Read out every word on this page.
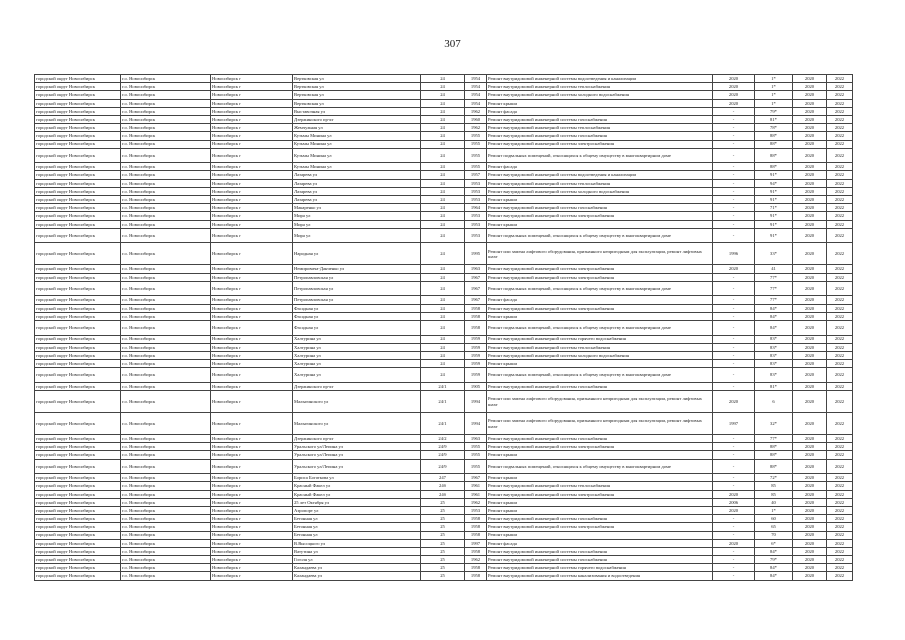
307
городской округ Новосибирск	г.о. Новосибирск	Новосибирск г	Вертковская ул	24	1954	Ремонт внутридомовой инженерной системы водоотведения и канализации	2020	1*	2020	2022
городской округ Новосибирск	г.о. Новосибирск	Новосибирск г	Вертковская ул	24	1954	Ремонт внутридомовой инженерной системы теплоснабжения	2020	1*	2020	2022
городской округ Новосибирск	г.о. Новосибирск	Новосибирск г	Вертковская ул	24	1954	Ремонт внутридомовой инженерной системы холодного водоснабжения	2020	1*	2020	2022
городской округ Новосибирск	г.о. Новосибирск	Новосибирск г	Вертковская ул	24	1954	Ремонт крыши	2020	1*	2020	2022
городской округ Новосибирск	г.о. Новосибирск	Новосибирск г	Выставочная ул	24	1962	Ремонт фасада	-	79*	2020	2022
городской округ Новосибирск	г.о. Новосибирск	Новосибирск г	Дзержинского пр-кт	24	1960	Ремонт внутридомовой инженерной системы газоснабжения	-	81*	2020	2022
городской округ Новосибирск	г.о. Новосибирск	Новосибирск г	Жемчужная ул	24	1962	Ремонт внутридомовой инженерной системы теплоснабжения	-	78*	2020	2022
городской округ Новосибирск	г.о. Новосибирск	Новосибирск г	Кузьмы Минина ул	24	1955	Ремонт внутридомовой инженерной системы газоснабжения	-	88*	2020	2022
городской округ Новосибирск	г.о. Новосибирск	Новосибирск г	Кузьмы Минина ул	24	1955	Ремонт внутридомовой инженерной системы электроснабжения	-	88*	2020	2022
городской округ Новосибирск	г.о. Новосибирск	Новосибирск г	Кузьмы Минина ул	24	1955	Ремонт подвальных помещений, относящихся к общему имуществу в многоквартирном доме	-	88*	2020	2022
городской округ Новосибирск	г.о. Новосибирск	Новосибирск г	Кузьмы Минина ул	24	1955	Ремонт фасада	-	88*	2020	2022
городской округ Новосибирск	г.о. Новосибирск	Новосибирск г	Лазарева ул	24	1957	Ремонт внутридомовой инженерной системы водоотведения и канализации	-	91*	2020	2022
городской округ Новосибирск	г.о. Новосибирск	Новосибирск г	Лазарева ул	24	1953	Ремонт внутридомовой инженерной системы теплоснабжения	-	94*	2020	2022
городской округ Новосибирск	г.о. Новосибирск	Новосибирск г	Лазарева ул	24	1953	Ремонт внутридомовой инженерной системы холодного водоснабжения	-	91*	2020	2022
городской округ Новосибирск	г.о. Новосибирск	Новосибирск г	Лазарева ул	24	1953	Ремонт крыши	-	91*	2020	2022
городской округ Новосибирск	г.о. Новосибирск	Новосибирск г	Макаренко ул	24	1964	Ремонт внутридомовой инженерной системы газоснабжения	-	71*	2020	2022
городской округ Новосибирск	г.о. Новосибирск	Новосибирск г	Мира ул	24	1953	Ремонт внутридомовой инженерной системы электроснабжения	-	91*	2020	2022
городской округ Новосибирск	г.о. Новосибирск	Новосибирск г	Мира ул	24	1953	Ремонт крыши	-	91*	2020	2022
городской округ Новосибирск	г.о. Новосибирск	Новосибирск г	Мира ул	24	1953	Ремонт подвальных помещений, относящихся к общему имуществу в многоквартирном доме	-	91*	2020	2022
городской округ Новосибирск	г.о. Новосибирск	Новосибирск г	Народная ул	24	1995	Ремонт или замена лифтового оборудования, признанного непригодным для эксплуатации, ремонт лифтовых шахт	1996	33*	2020	2022
городской округ Новосибирск	г.о. Новосибирск	Новосибирск г	Немировича-Данченко ул	24	1963	Ремонт внутридомовой инженерной системы электроснабжения	2020	41	2020	2022
городской округ Новосибирск	г.о. Новосибирск	Новосибирск г	Петропавловская ул	24	1967	Ремонт внутридомовой инженерной системы электроснабжения	-	77*	2020	2022
городской округ Новосибирск	г.о. Новосибирск	Новосибирск г	Петропавловская ул	24	1967	Ремонт подвальных помещений, относящихся к общему имуществу в многоквартирном доме	-	77*	2020	2022
городской округ Новосибирск	г.о. Новосибирск	Новосибирск г	Петропавловская ул	24	1967	Ремонт фасада	-	77*	2020	2022
городской округ Новосибирск	г.о. Новосибирск	Новосибирск г	Фасадная ул	24	1958	Ремонт внутридомовой инженерной системы электроснабжения	-	84*	2020	2022
городской округ Новосибирск	г.о. Новосибирск	Новосибирск г	Фасадная ул	24	1958	Ремонт крыши	-	84*	2020	2022
городской округ Новосибирск	г.о. Новосибирск	Новосибирск г	Фасадная ул	24	1958	Ремонт подвальных помещений, относящихся к общему имуществу в многоквартирном доме	-	84*	2020	2022
городской округ Новосибирск	г.о. Новосибирск	Новосибирск г	Халтурина ул	24	1959	Ремонт внутридомовой инженерной системы горячего водоснабжения	-	83*	2020	2022
городской округ Новосибирск	г.о. Новосибирск	Новосибирск г	Халтурина ул	24	1959	Ремонт внутридомовой инженерной системы теплоснабжения	-	83*	2020	2022
городской округ Новосибирск	г.о. Новосибирск	Новосибирск г	Халтурина ул	24	1959	Ремонт внутридомовой инженерной системы холодного водоснабжения	-	83*	2020	2022
городской округ Новосибирск	г.о. Новосибирск	Новосибирск г	Халтурина ул	24	1959	Ремонт крыши	-	83*	2020	2022
городской округ Новосибирск	г.о. Новосибирск	Новосибирск г	Халтурина ул	24	1959	Ремонт подвальных помещений, относящихся к общему имуществу в многоквартирном доме	-	83*	2020	2022
городской округ Новосибирск	г.о. Новосибирск	Новосибирск г	Дзержинского пр-кт	24/1	1905	Ремонт внутридомовой инженерной системы газоснабжения	-	81*	2020	2022
городской округ Новосибирск	г.о. Новосибирск	Новосибирск г	Малыгинского ул	24/1	1994	Ремонт или замена лифтового оборудования, признанного непригодным для эксплуатации, ремонт лифтовых шахт	2020	6	2020	2022
городской округ Новосибирск	г.о. Новосибирск	Новосибирск г	Малыгинского ул	24/1	1994	Ремонт или замена лифтового оборудования, признанного непригодным для эксплуатации, ремонт лифтовых шахт	1997	32*	2020	2022
городской округ Новосибирск	г.о. Новосибирск	Новосибирск г	Дзержинского пр-кт	24/2	1963	Ремонт внутридомовой инженерной системы газоснабжения	-	77*	2020	2022
городской округ Новосибирск	г.о. Новосибирск	Новосибирск г	Уральского ул/Лепина ул	24/9	1955	Ремонт внутридомовой инженерной системы электроснабжения	-	88*	2020	2022
городской округ Новосибирск	г.о. Новосибирск	Новосибирск г	Уральского ул/Лепина ул	24/9	1955	Ремонт крыши	-	88*	2020	2022
городской округ Новосибирск	г.о. Новосибирск	Новосибирск г	Уральского ул/Лепина ул	24/9	1955	Ремонт подвальных помещений, относящихся к общему имуществу в многоквартирном доме	-	88*	2020	2022
городской округ Новосибирск	г.о. Новосибирск	Новосибирск г	Бориса Богаткова ул	247	1967	Ремонт крыши	-	72*	2020	2022
городской округ Новосибирск	г.о. Новосибирск	Новосибирск г	Красный Факел ул	24б	1961	Ремонт внутридомовой инженерной системы теплоснабжения	-	85	2020	2022
городской округ Новосибирск	г.о. Новосибирск	Новосибирск г	Красный Факел ул	24б	1961	Ремонт внутридомовой инженерной системы электроснабжения	2020	85	2020	2022
городской округ Новосибирск	г.о. Новосибирск	Новосибирск г	25 лет Октября ул	25	1962	Ремонт крыши	2006	40	2020	2022
городской округ Новосибирск	г.о. Новосибирск	Новосибирск г	Аэропорт ул	25	1953	Ремонт крыши	2020	1*	2020	2022
городской округ Новосибирск	г.о. Новосибирск	Новосибирск г	Бетонная ул	25	1958	Ремонт внутридомовой инженерной системы газоснабжения	-	60	2020	2022
городской округ Новосибирск	г.о. Новосибирск	Новосибирск г	Бетонная ул	25	1958	Ремонт внутридомовой инженерной системы электроснабжения	-	65	2020	2022
городской округ Новосибирск	г.о. Новосибирск	Новосибирск г	Бетонная ул	25	1958	Ремонт крыши	-	70	2020	2022
городской округ Новосибирск	г.о. Новосибирск	Новосибирск г	В.Высоцкого ул	25	1997	Ремонт фасада	2020	6*	2020	2022
городской округ Новосибирск	г.о. Новосибирск	Новосибирск г	Ватутина ул	25	1958	Ремонт внутридомовой инженерной системы газоснабжения	-	84*	2020	2022
городской округ Новосибирск	г.о. Новосибирск	Новосибирск г	Гоголя ул	25	1962	Ремонт внутридомовой инженерной системы газоснабжения	-	79*	2020	2022
городской округ Новосибирск	г.о. Новосибирск	Новосибирск г	Каландаева ул	25	1958	Ремонт внутридомовой инженерной системы горячего водоснабжения	-	84*	2020	2022
городской округ Новосибирск	г.о. Новосибирск	Новосибирск г	Каландаева ул	25	1958	Ремонт внутридомовой инженерной системы канализования и водоотведения	-	84*	2020	2022
